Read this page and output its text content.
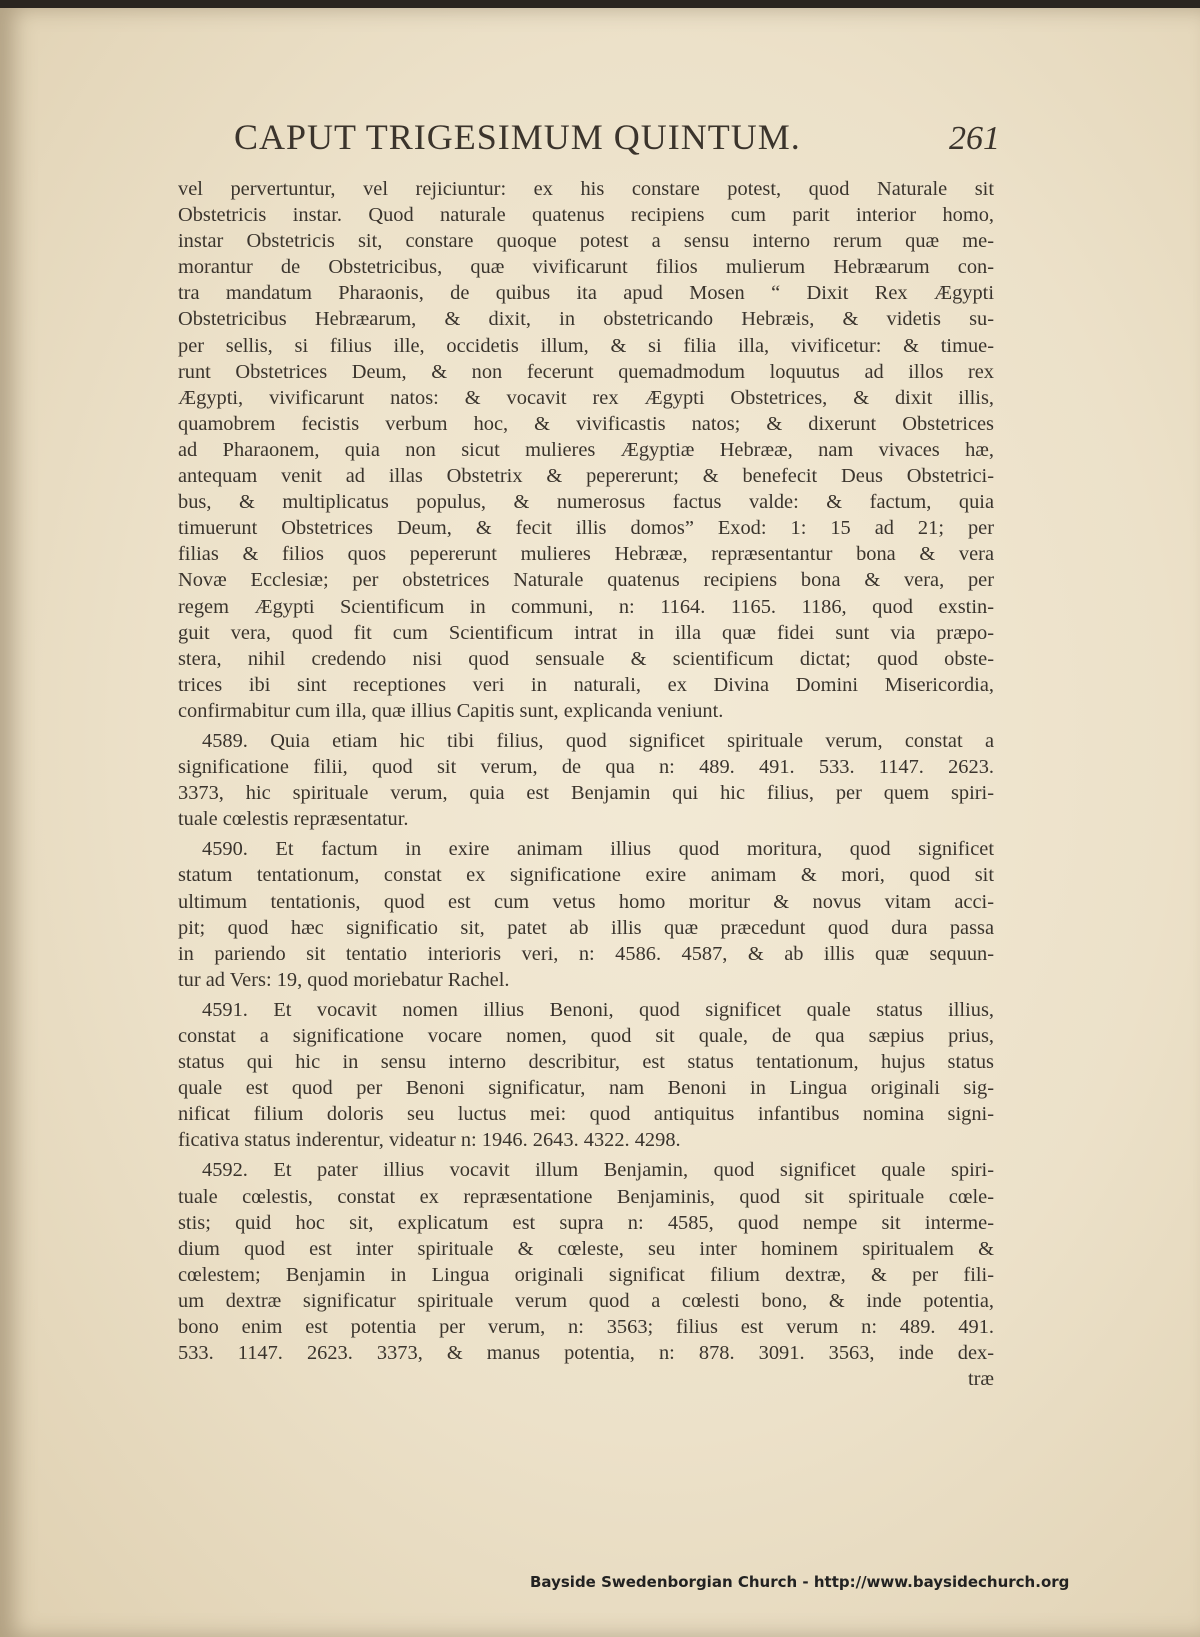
CAPUT TRIGESIMUM QUINTUM.	261
vel pervertuntur, vel rejiciuntur: ex his constare potest, quod Naturale sit
Obstetricis instar. Quod naturale quatenus recipiens cum parit interior homo,
instar Obstetricis sit, constare quoque potest a sensu interno rerum quæ me-
morantur de Obstetricibus, quæ vivificarunt filios mulierum Hebræarum con-
tra mandatum Pharaonis, de quibus ita apud Mosen “ Dixit Rex Ægypti
Obstetricibus Hebræarum, & dixit, in obstetricando Hebræis, & videtis su-
per sellis, si filius ille, occidetis illum, & si filia illa, vivificetur: & timue-
runt Obstetrices Deum, & non fecerunt quemadmodum loquutus ad illos rex
Ægypti, vivificarunt natos: & vocavit rex Ægypti Obstetrices, & dixit illis,
quamobrem fecistis verbum hoc, & vivificastis natos; & dixerunt Obstetrices
ad Pharaonem, quia non sicut mulieres Ægyptiæ Hebrææ, nam vivaces hæ,
antequam venit ad illas Obstetrix & pepererunt; & benefecit Deus Obstetrici-
bus, & multiplicatus populus, & numerosus factus valde: & factum, quia
timuerunt Obstetrices Deum, & fecit illis domos” Exod: 1: 15 ad 21; per
filias & filios quos pepererunt mulieres Hebrææ, repræsentantur bona & vera
Novæ Ecclesiæ; per obstetrices Naturale quatenus recipiens bona & vera, per
regem Ægypti Scientificum in communi, n: 1164. 1165. 1186, quod exstin-
guit vera, quod fit cum Scientificum intrat in illa quæ fidei sunt via præpo-
stera, nihil credendo nisi quod sensuale & scientificum dictat; quod obste-
trices ibi sint receptiones veri in naturali, ex Divina Domini Misericordia,
confirmabitur cum illa, quæ illius Capitis sunt, explicanda veniunt.
4589. Quia etiam hic tibi filius, quod significet spirituale verum, constat a
significatione filii, quod sit verum, de qua n: 489. 491. 533. 1147. 2623.
3373, hic spirituale verum, quia est Benjamin qui hic filius, per quem spiri-
tuale cœlestis repræsentatur.
4590. Et factum in exire animam illius quod moritura, quod significet
statum tentationum, constat ex significatione exire animam & mori, quod sit
ultimum tentationis, quod est cum vetus homo moritur & novus vitam acci-
pit; quod hæc significatio sit, patet ab illis quæ præcedunt quod dura passa
in pariendo sit tentatio interioris veri, n: 4586. 4587, & ab illis quæ sequun-
tur ad Vers: 19, quod moriebatur Rachel.
4591. Et vocavit nomen illius Benoni, quod significet quale status illius,
constat a significatione vocare nomen, quod sit quale, de qua sæpius prius,
status qui hic in sensu interno describitur, est status tentationum, hujus status
quale est quod per Benoni significatur, nam Benoni in Lingua originali sig-
nificat filium doloris seu luctus mei: quod antiquitus infantibus nomina signi-
ficativa status inderentur, videatur n: 1946. 2643. 4322. 4298.
4592. Et pater illius vocavit illum Benjamin, quod significet quale spiri-
tuale cœlestis, constat ex repræsentatione Benjaminis, quod sit spirituale cœle-
stis; quid hoc sit, explicatum est supra n: 4585, quod nempe sit interme-
dium quod est inter spirituale & cœleste, seu inter hominem spiritualem &
cœlestem; Benjamin in Lingua originali significat filium dextræ, & per fili-
um dextræ significatur spirituale verum quod a cœlesti bono, & inde potentia,
bono enim est potentia per verum, n: 3563; filius est verum n: 489. 491.
533. 1147. 2623. 3373, & manus potentia, n: 878. 3091. 3563, inde dex-
træ
Bayside Swedenborgian Church - http://www.baysidechurch.org
